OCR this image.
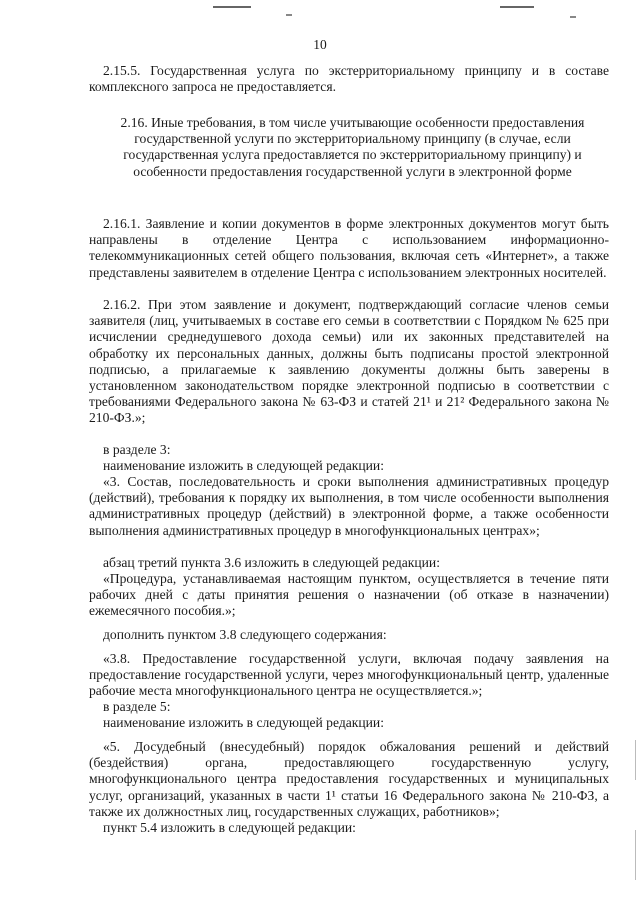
10
2.15.5. Государственная услуга по экстерриториальному принципу и в составе комплексного запроса не предоставляется.
2.16. Иные требования, в том числе учитывающие особенности предоставления государственной услуги по экстерриториальному принципу (в случае, если государственная услуга предоставляется по экстерриториальному принципу) и особенности предоставления государственной услуги в электронной форме
2.16.1. Заявление и копии документов в форме электронных документов могут быть направлены в отделение Центра с использованием информационно-телекоммуникационных сетей общего пользования, включая сеть «Интернет», а также представлены заявителем в отделение Центра с использованием электронных носителей.
2.16.2. При этом заявление и документ, подтверждающий согласие членов семьи заявителя (лиц, учитываемых в составе его семьи в соответствии с Порядком № 625 при исчислении среднедушевого дохода семьи) или их законных представителей на обработку их персональных данных, должны быть подписаны простой электронной подписью, а прилагаемые к заявлению документы должны быть заверены в установленном законодательством порядке электронной подписью в соответствии с требованиями Федерального закона № 63-ФЗ и статей 21¹ и 21² Федерального закона № 210-ФЗ.»;
в разделе 3:
наименование изложить в следующей редакции:
«3. Состав, последовательность и сроки выполнения административных процедур (действий), требования к порядку их выполнения, в том числе особенности выполнения административных процедур (действий) в электронной форме, а также особенности выполнения административных процедур в многофункциональных центрах»;
абзац третий пункта 3.6 изложить в следующей редакции:
«Процедура, устанавливаемая настоящим пунктом, осуществляется в течение пяти рабочих дней с даты принятия решения о назначении (об отказе в назначении) ежемесячного пособия.»;
дополнить пунктом 3.8 следующего содержания:
«3.8. Предоставление государственной услуги, включая подачу заявления на предоставление государственной услуги, через многофункциональный центр, удаленные рабочие места многофункционального центра не осуществляется.»;
в разделе 5:
наименование изложить в следующей редакции:
«5. Досудебный (внесудебный) порядок обжалования решений и действий (бездействия) органа, предоставляющего государственную услугу, многофункционального центра предоставления государственных и муниципальных услуг, организаций, указанных в части 1¹ статьи 16 Федерального закона № 210-ФЗ, а также их должностных лиц, государственных служащих, работников»;
пункт 5.4 изложить в следующей редакции:
